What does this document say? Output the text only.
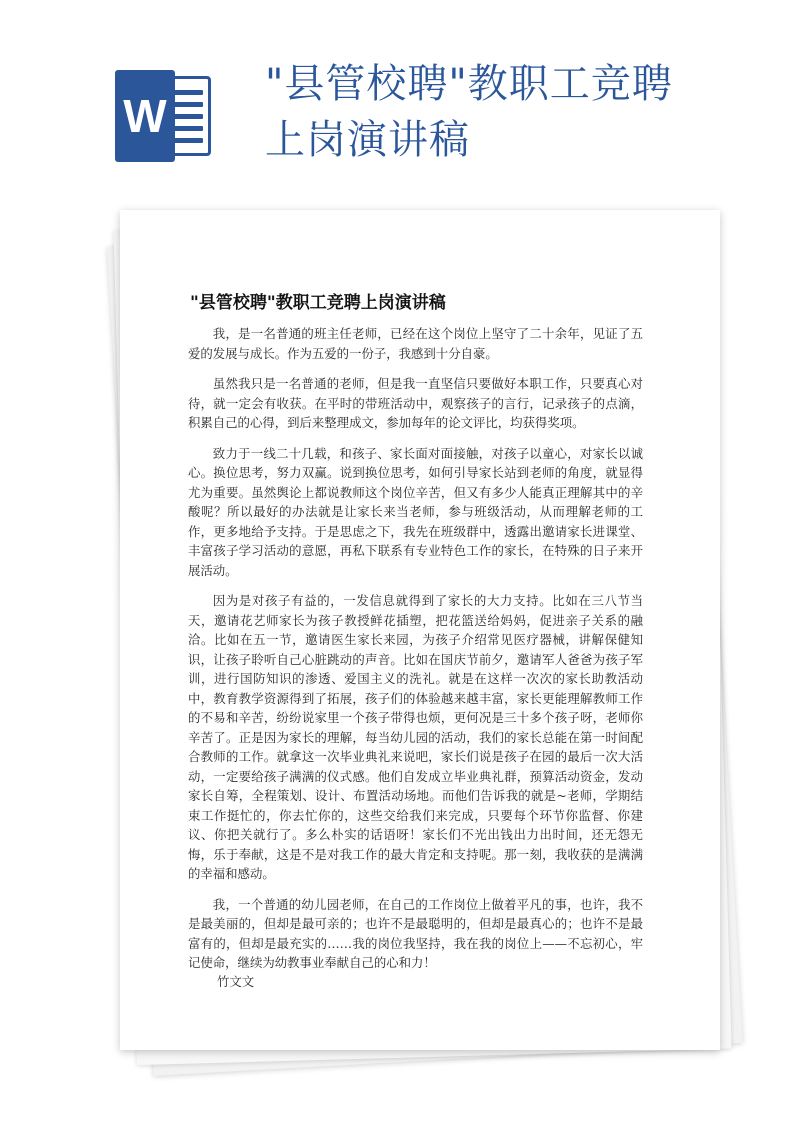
W
"县管校聘"教职工竞聘上岗演讲稿
"县管校聘"教职工竞聘上岗演讲稿

我，是一名普通的班主任老师，已经在这个岗位上坚守了二十余年，见证了五爱的发展与成长。作为五爱的一份子，我感到十分自豪。

虽然我只是一名普通的老师，但是我一直坚信只要做好本职工作，只要真心对待，就一定会有收获。在平时的带班活动中，观察孩子的言行，记录孩子的点滴，积累自己的心得，到后来整理成文，参加每年的论文评比，均获得奖项。

致力于一线二十几载，和孩子、家长面对面接触，对孩子以童心，对家长以诚心。换位思考，努力双赢。说到换位思考，如何引导家长站到老师的角度，就显得尤为重要。虽然舆论上都说教师这个岗位辛苦，但又有多少人能真正理解其中的辛酸呢？所以最好的办法就是让家长来当老师，参与班级活动，从而理解老师的工作，更多地给予支持。于是思虑之下，我先在班级群中，透露出邀请家长进课堂、丰富孩子学习活动的意愿，再私下联系有专业特色工作的家长，在特殊的日子来开展活动。

因为是对孩子有益的，一发信息就得到了家长的大力支持。比如在三八节当天，邀请花艺师家长为孩子教授鲜花插塑，把花篮送给妈妈，促进亲子关系的融洽。比如在五一节，邀请医生家长来园，为孩子介绍常见医疗器械，讲解保健知识，让孩子聆听自己心脏跳动的声音。比如在国庆节前夕，邀请军人爸爸为孩子军训，进行国防知识的渗透、爱国主义的洗礼。就是在这样一次次的家长助教活动中，教育教学资源得到了拓展，孩子们的体验越来越丰富，家长更能理解教师工作的不易和辛苦，纷纷说家里一个孩子带得也烦，更何况是三十多个孩子呀，老师你辛苦了。正是因为家长的理解，每当幼儿园的活动，我们的家长总能在第一时间配合教师的工作。就拿这一次毕业典礼来说吧，家长们说是孩子在园的最后一次大活动，一定要给孩子满满的仪式感。他们自发成立毕业典礼群，预算活动资金，发动家长自筹，全程策划、设计、布置活动场地。而他们告诉我的就是~老师，学期结束工作挺忙的，你去忙你的，这些交给我们来完成，只要每个环节你监督、你建议、你把关就行了。多么朴实的话语呀！家长们不光出钱出力出时间，还无怨无悔，乐于奉献，这是不是对我工作的最大肯定和支持呢。那一刻，我收获的是满满的幸福和感动。

我，一个普通的幼儿园老师，在自己的工作岗位上做着平凡的事，也许，我不是最美丽的，但却是最可亲的；也许不是最聪明的，但却是最真心的；也许不是最富有的，但却是最充实的……我的岗位我坚持，我在我的岗位上——不忘初心，牢记使命，继续为幼教事业奉献自己的心和力！

竹文文
